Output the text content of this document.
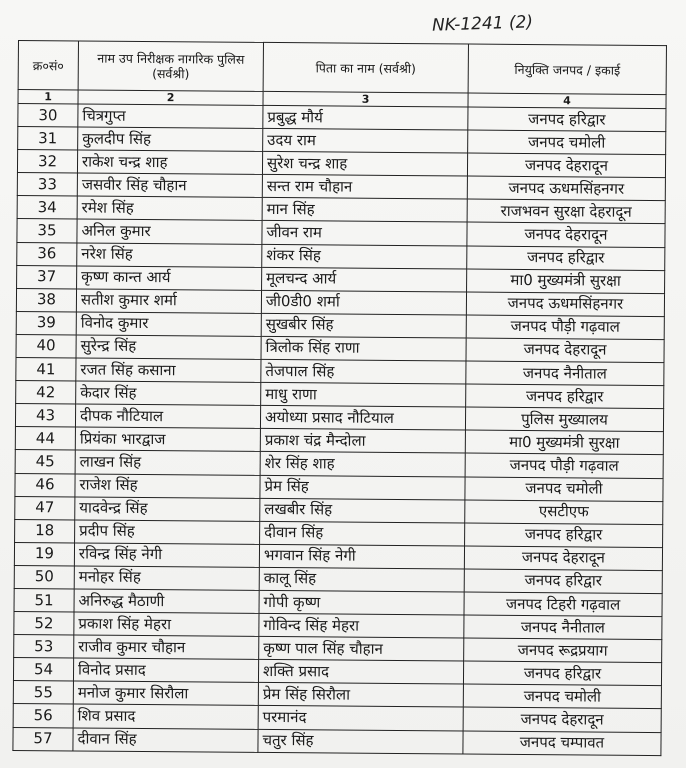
NK-1241 (2)
क्र०सं०	नाम उप निरीक्षक नागरिक पुलिस (सर्वश्री)	पिता का नाम (सर्वश्री)	नियुक्ति जनपद / इकाई
1	2	3	4
30	चित्रगुप्त	प्रबुद्ध मौर्य	जनपद हरिद्वार
31	कुलदीप सिंह	उदय राम	जनपद चमोली
32	राकेश चन्द्र शाह	सुरेश चन्द्र शाह	जनपद देहरादून
33	जसवीर सिंह चौहान	सन्त राम चौहान	जनपद ऊधमसिंहनगर
34	रमेश सिंह	मान सिंह	राजभवन सुरक्षा देहरादून
35	अनिल कुमार	जीवन राम	जनपद देहरादून
36	नरेश सिंह	शंकर सिंह	जनपद हरिद्वार
37	कृष्ण कान्त आर्य	मूलचन्द आर्य	मा0 मुख्यमंत्री सुरक्षा
38	सतीश कुमार शर्मा	जी0डी0 शर्मा	जनपद ऊधमसिंहनगर
39	विनोद कुमार	सुखबीर सिंह	जनपद पौड़ी गढ़वाल
40	सुरेन्द्र सिंह	त्रिलोक सिंह राणा	जनपद देहरादून
41	रजत सिंह कसाना	तेजपाल सिंह	जनपद नैनीताल
42	केदार सिंह	माधु राणा	जनपद हरिद्वार
43	दीपक नौटियाल	अयोध्या प्रसाद नौटियाल	पुलिस मुख्यालय
44	प्रियंका भारद्वाज	प्रकाश चंद्र मैन्दोला	मा0 मुख्यमंत्री सुरक्षा
45	लाखन सिंह	शेर सिंह शाह	जनपद पौड़ी गढ़वाल
46	राजेश सिंह	प्रेम सिंह	जनपद चमोली
47	यादवेन्द्र सिंह	लखबीर सिंह	एसटीएफ
18	प्रदीप सिंह	दीवान सिंह	जनपद हरिद्वार
19	रविन्द्र सिंह नेगी	भगवान सिंह नेगी	जनपद देहरादून
50	मनोहर सिंह	कालू सिंह	जनपद हरिद्वार
51	अनिरुद्ध मैठाणी	गोपी कृष्ण	जनपद टिहरी गढ़वाल
52	प्रकाश सिंह मेहरा	गोविन्द सिंह मेहरा	जनपद नैनीताल
53	राजीव कुमार चौहान	कृष्ण पाल सिंह चौहान	जनपद रूद्रप्रयाग
54	विनोद प्रसाद	शक्ति प्रसाद	जनपद हरिद्वार
55	मनोज कुमार सिरौला	प्रेम सिंह सिरौला	जनपद चमोली
56	शिव प्रसाद	परमानंद	जनपद देहरादून
57	दीवान सिंह	चतुर सिंह	जनपद चम्पावत
